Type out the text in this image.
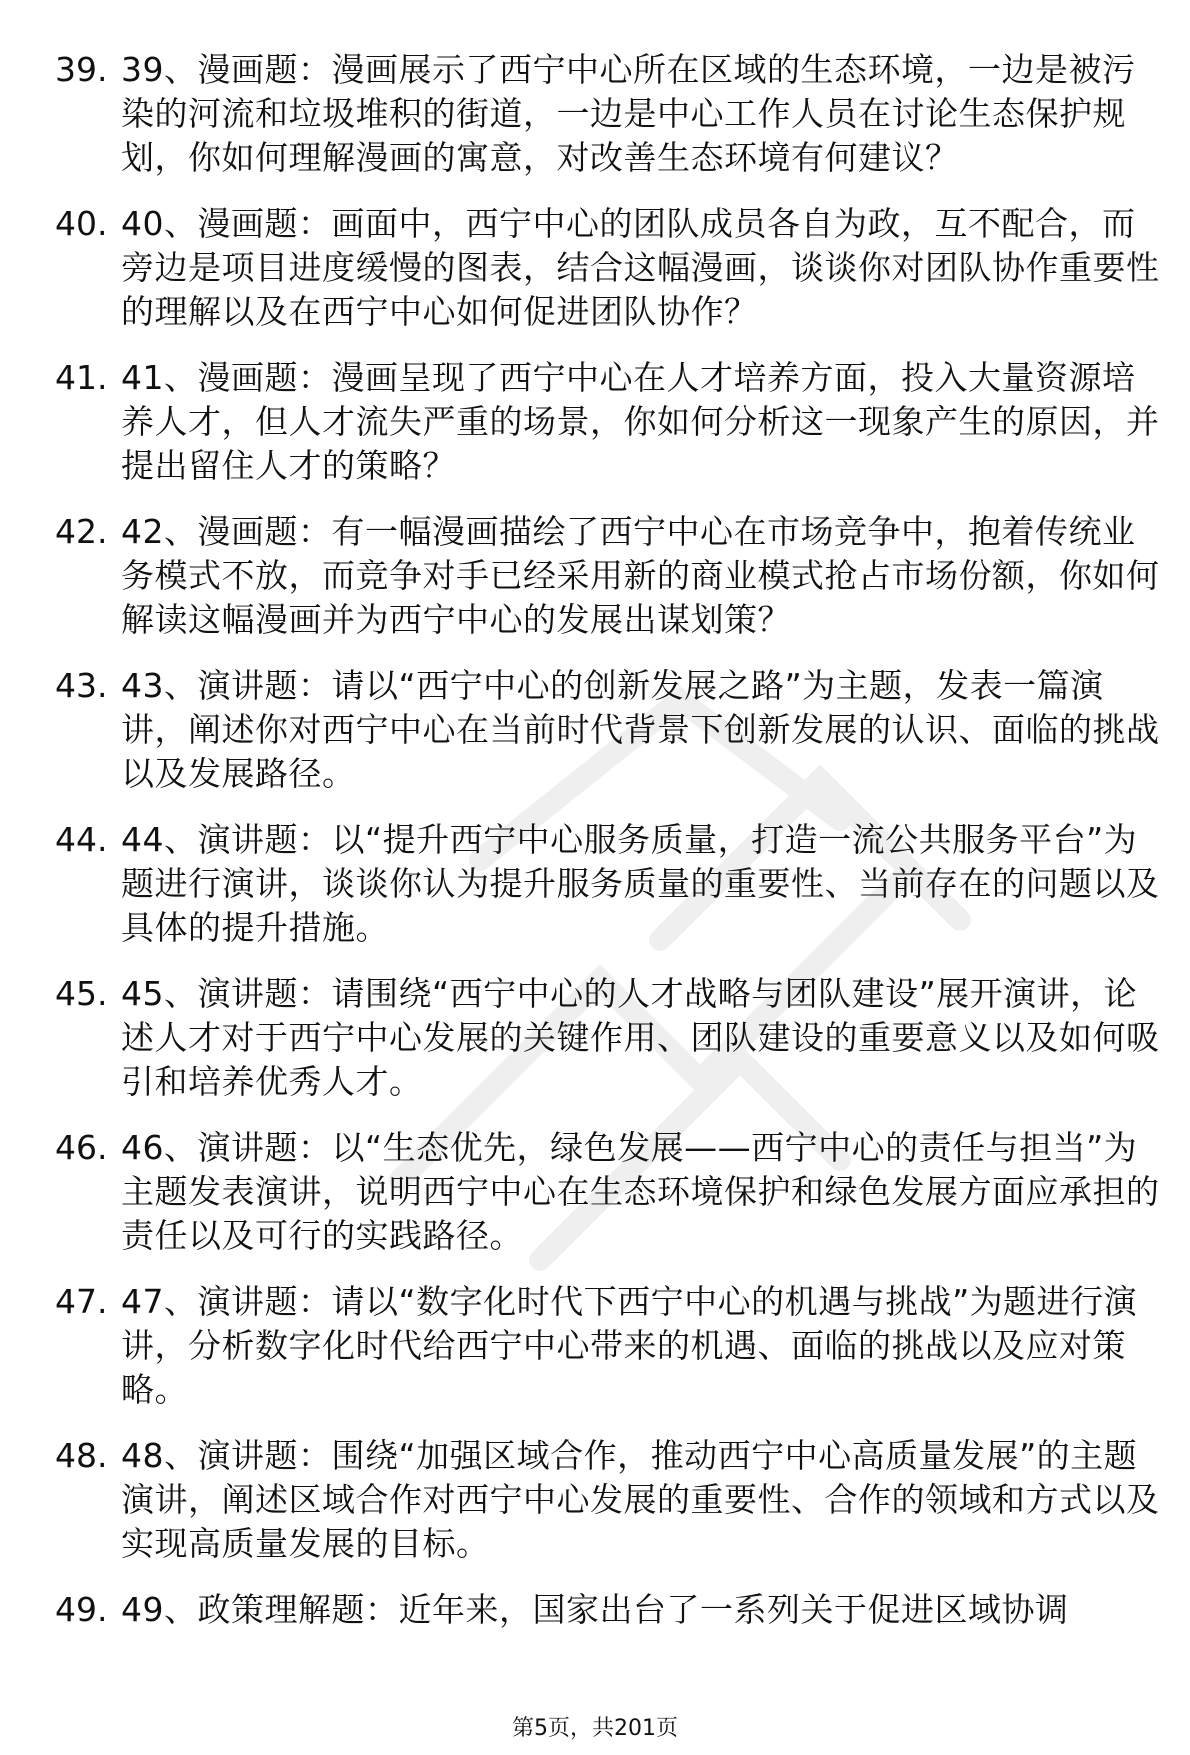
39. 39、漫画题：漫画展示了西宁中心所在区域的生态环境，一边是被污染的河流和垃圾堆积的街道，一边是中心工作人员在讨论生态保护规划，你如何理解漫画的寓意，对改善生态环境有何建议？
40. 40、漫画题：画面中，西宁中心的团队成员各自为政，互不配合，而旁边是项目进度缓慢的图表，结合这幅漫画，谈谈你对团队协作重要性的理解以及在西宁中心如何促进团队协作？
41. 41、漫画题：漫画呈现了西宁中心在人才培养方面，投入大量资源培养人才，但人才流失严重的场景，你如何分析这一现象产生的原因，并提出留住人才的策略？
42. 42、漫画题：有一幅漫画描绘了西宁中心在市场竞争中，抱着传统业务模式不放，而竞争对手已经采用新的商业模式抢占市场份额，你如何解读这幅漫画并为西宁中心的发展出谋划策？
43. 43、演讲题：请以“西宁中心的创新发展之路”为主题，发表一篇演讲，阐述你对西宁中心在当前时代背景下创新发展的认识、面临的挑战以及发展路径。
44. 44、演讲题：以“提升西宁中心服务质量，打造一流公共服务平台”为题进行演讲，谈谈你认为提升服务质量的重要性、当前存在的问题以及具体的提升措施。
45. 45、演讲题：请围绕“西宁中心的人才战略与团队建设”展开演讲，论述人才对于西宁中心发展的关键作用、团队建设的重要意义以及如何吸引和培养优秀人才。
46. 46、演讲题：以“生态优先，绿色发展——西宁中心的责任与担当”为主题发表演讲，说明西宁中心在生态环境保护和绿色发展方面应承担的责任以及可行的实践路径。
47. 47、演讲题：请以“数字化时代下西宁中心的机遇与挑战”为题进行演讲，分析数字化时代给西宁中心带来的机遇、面临的挑战以及应对策略。
48. 48、演讲题：围绕“加强区域合作，推动西宁中心高质量发展”的主题演讲，阐述区域合作对西宁中心发展的重要性、合作的领域和方式以及实现高质量发展的目标。
49. 49、政策理解题：近年来，国家出台了一系列关于促进区域协调
第5页，共201页
